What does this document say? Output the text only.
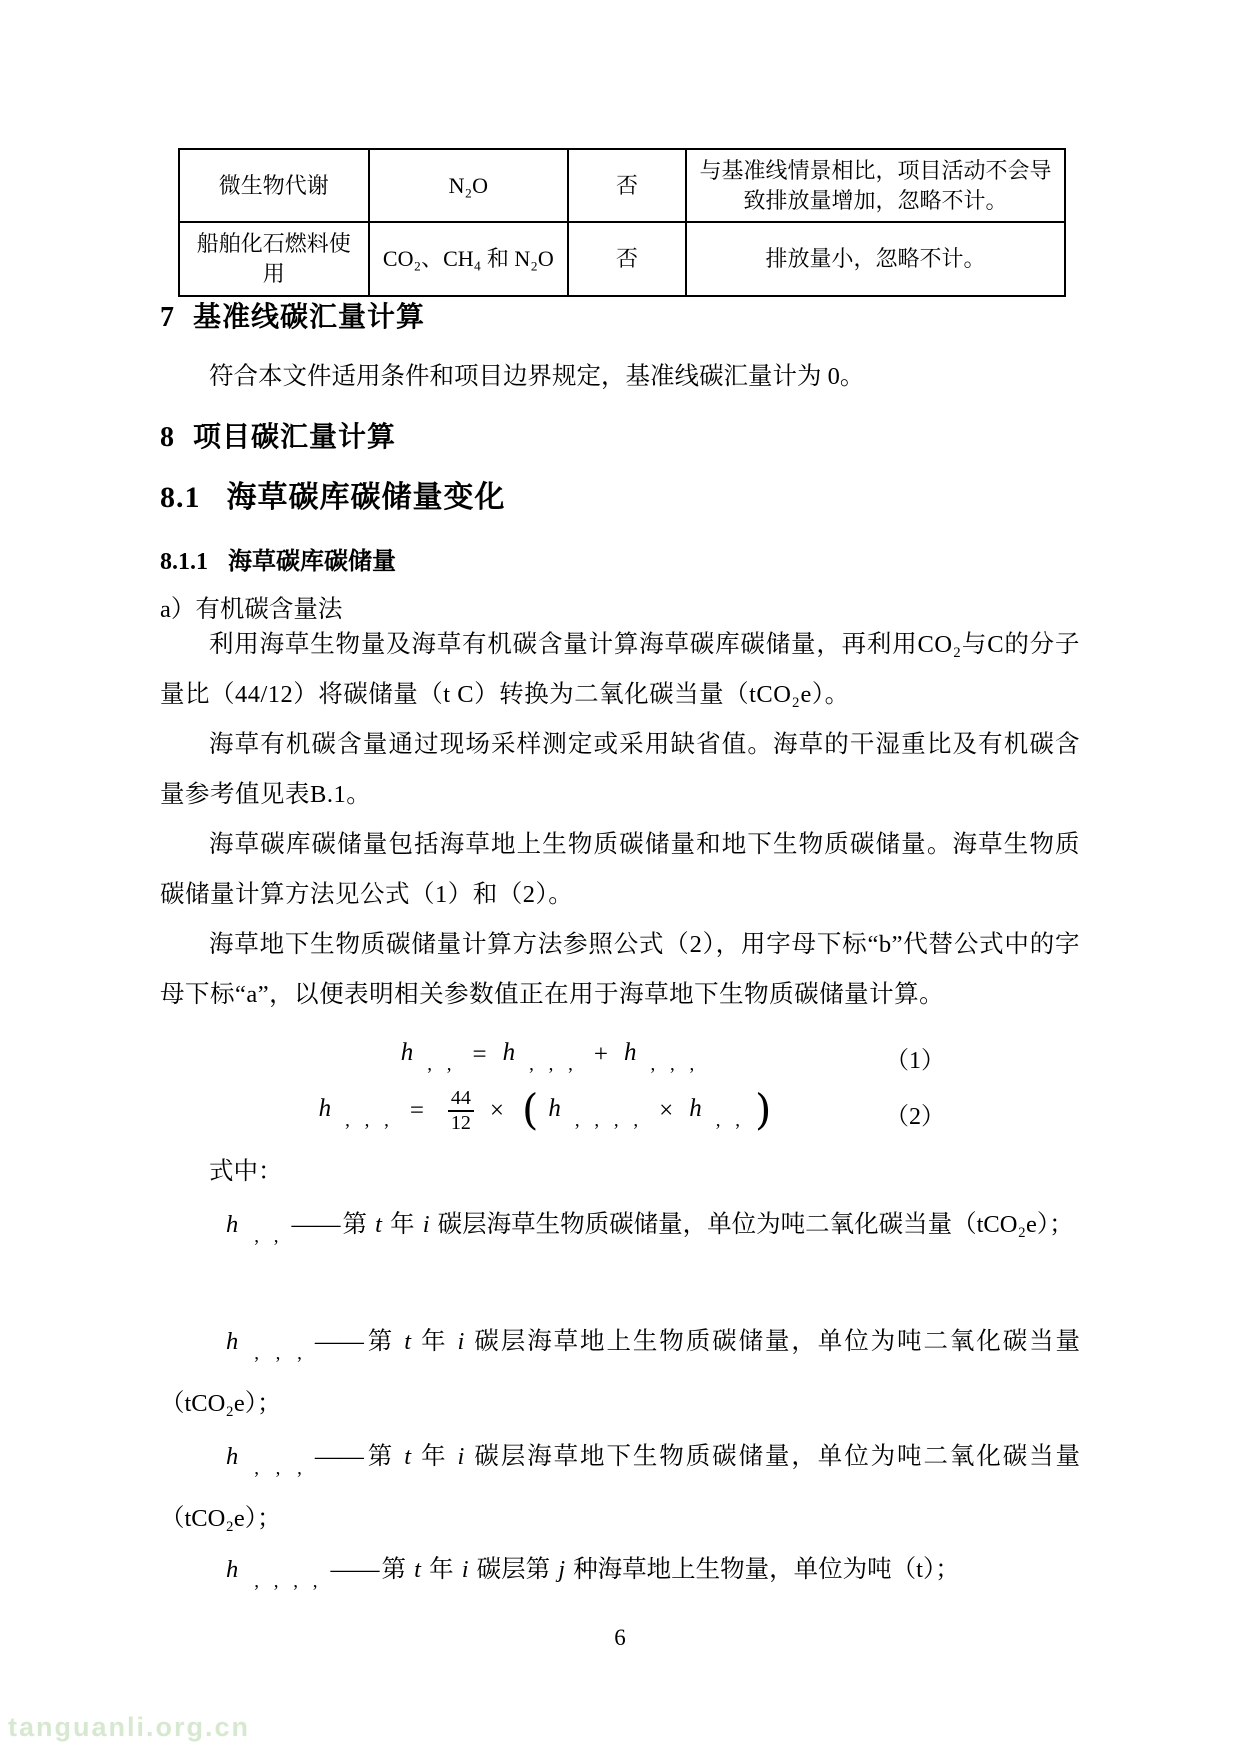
微生物代谢	N₂O	否	与基准线情景相比，项目活动不会导致排放量增加，忽略不计。
船舶化石燃料使用	CO₂、CH₄ 和 N₂O	否	排放量小，忽略不计。
7 基准线碳汇量计算
符合本文件适用条件和项目边界规定，基准线碳汇量计为 0。
8 项目碳汇量计算
8.1 海草碳库碳储量变化
8.1.1 海草碳库碳储量
a）有机碳含量法

利用海草生物量及海草有机碳含量计算海草碳库碳储量，再利用CO₂与C的分子量比（44/12）将碳储量（t C）转换为二氧化碳当量（tCO₂e）。

海草有机碳含量通过现场采样测定或采用缺省值。海草的干湿重比及有机碳含量参考值见表B.1。

海草碳库碳储量包括海草地上生物质碳储量和地下生物质碳储量。海草生物质碳储量计算方法见公式（1）和（2）。

海草地下生物质碳储量计算方法参照公式（2），用字母下标“b”代替公式中的字母下标“a”，以便表明相关参数值正在用于海草地下生物质碳储量计算。

h $_{, ,}$ = h $_{, , ,}$ + h $_{, , ,}$	（1）
h $_{, , ,} = \frac{44}{12}$ × ( h $_{, , , ,}$ × h $_{, ,}$ )	（2）
式中：
h $_{, ,}$ ——第 t 年 i 碳层海草生物质碳储量，单位为吨二氧化碳当量（tCO₂e）；
h $_{, , ,}$ ——第 t 年 i 碳层海草地上生物质碳储量，单位为吨二氧化碳当量（tCO₂e）；
h $_{, , ,}$ ——第 t 年 i 碳层海草地下生物质碳储量，单位为吨二氧化碳当量（tCO₂e）；
h $_{, , , ,}$ ——第 t 年 i 碳层第 j 种海草地上生物量，单位为吨（t）；
6
tanguanli.org.cn
